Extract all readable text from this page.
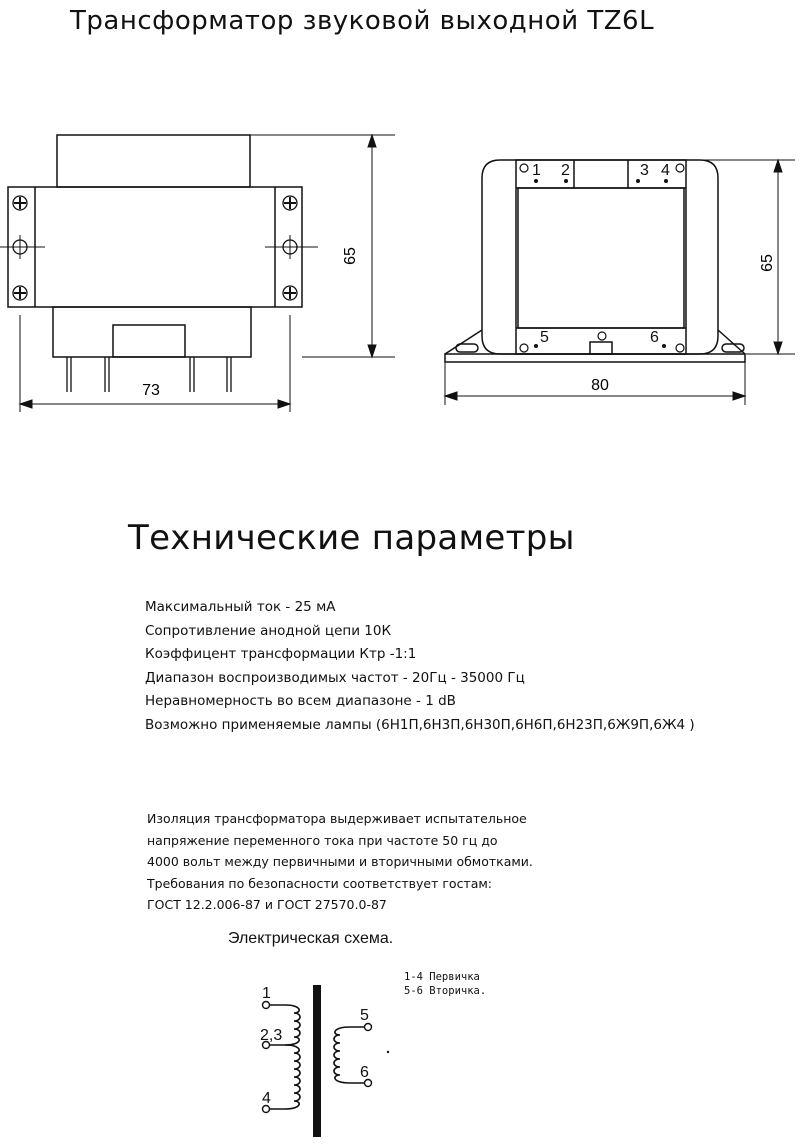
Трансформатор звуковой выходной TZ6L
65
73
1 2	3 4
5	6
65
80
Технические параметры
Максимальный ток - 25 мА
Сопротивление анодной цепи 10К
Коэффицент трансформации Ктр -1:1
Диапазон воспроизводимых частот - 20Гц - 35000 Гц
Неравномерность во всем диапазоне - 1 dB
Возможно применяемые лампы (6Н1П,6Н3П,6Н30П,6Н6П,6Н23П,6Ж9П,6Ж4 )
Изоляция трансформатора выдерживает испытательное
напряжение переменного тока при частоте 50 гц до
4000 вольт между первичными и вторичными обмотками.
Требования по безопасности соответствует гостам:
ГОСТ 12.2.006-87 и ГОСТ 27570.0-87
Электрическая схема.
1-4 Первичка
5-6 Вторичка.
1
2,3
4
5
6
